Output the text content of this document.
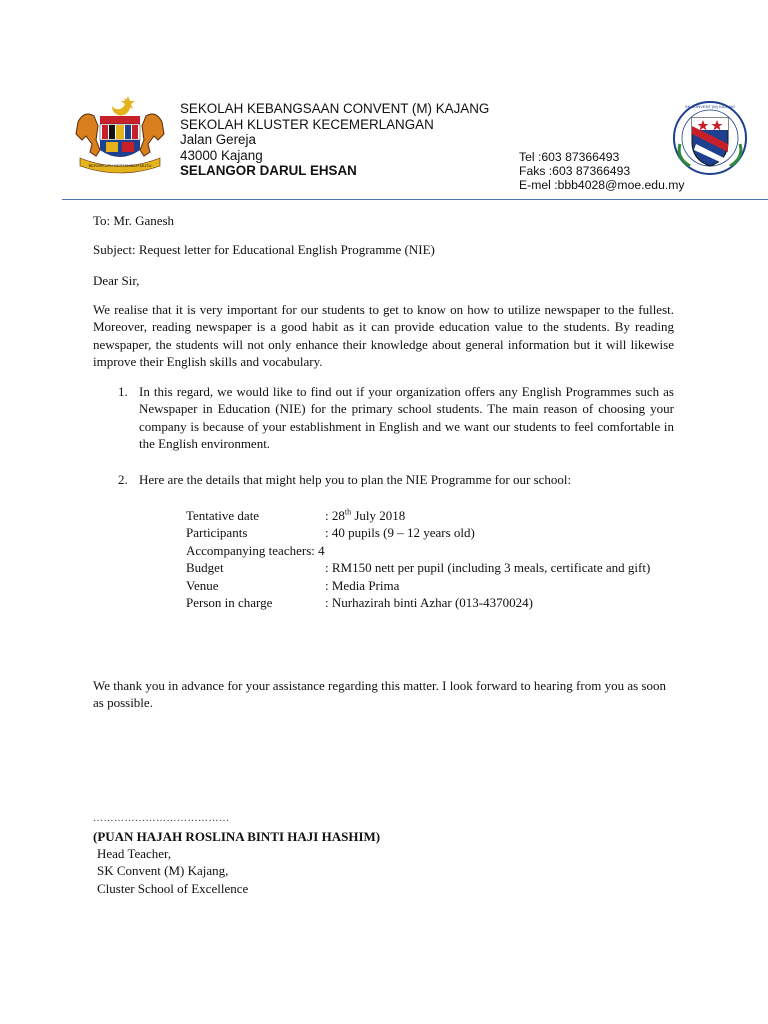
BERSEKUTU BERTAMBAH MUTU
SEKOLAH KEBANGSAAN CONVENT (M) KAJANG
SEKOLAH KLUSTER KECEMERLANGAN
Jalan Gereja
43000 Kajang
SELANGOR DARUL EHSAN
Tel :603 87366493
Faks :603 87366493
E-mel :bbb4028@moe.edu.my
SK CONVENT (M) KAJANG
To: Mr. Ganesh
Subject: Request letter for Educational English Programme (NIE)
Dear Sir,
We realise that it is very important for our students to get to know on how to utilize newspaper to the fullest. Moreover, reading newspaper is a good habit as it can provide education value to the students. By reading newspaper, the students will not only enhance their knowledge about general information but it will likewise improve their English skills and vocabulary.
1. In this regard, we would like to find out if your organization offers any English Programmes such as Newspaper in Education (NIE) for the primary school students. The main reason of choosing your company is because of your establishment in English and we want our students to feel comfortable in the English environment.
2. Here are the details that might help you to plan the NIE Programme for our school:
Tentative date	: 28th July 2018
Participants	: 40 pupils (9 – 12 years old)
Accompanying teachers: 4
Budget	: RM150 nett per pupil (including 3 meals, certificate and gift)
Venue	: Media Prima
Person in charge	: Nurhazirah binti Azhar (013-4370024)
We thank you in advance for your assistance regarding this matter. I look forward to hearing from you as soon as possible.
…………………………………
(PUAN HAJAH ROSLINA BINTI HAJI HASHIM)
Head Teacher,
SK Convent (M) Kajang,
Cluster School of Excellence
